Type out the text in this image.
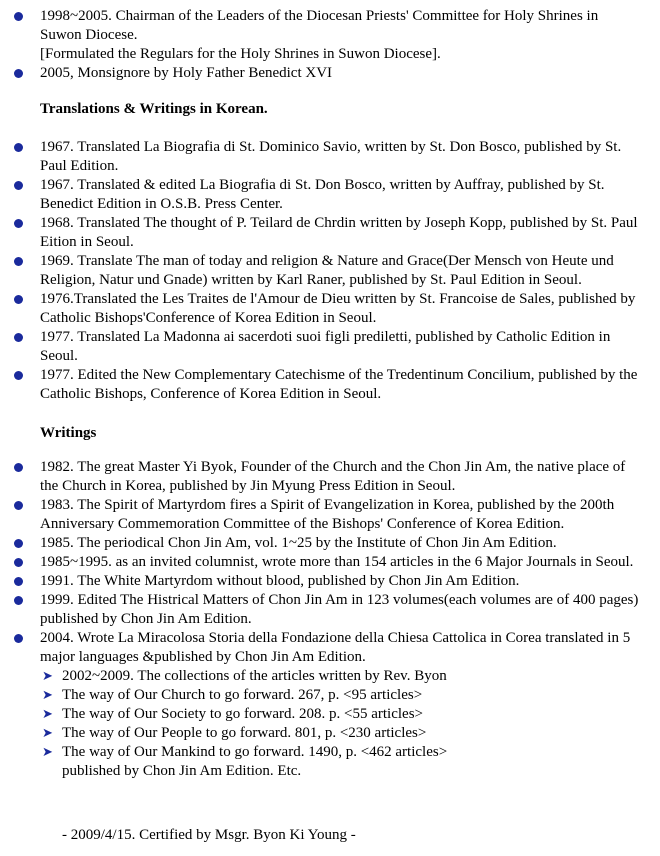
1998~2005. Chairman of the Leaders of the Diocesan Priests' Committee for Holy Shrines in Suwon Diocese.
[Formulated the Regulars for the Holy Shrines in Suwon Diocese].
2005, Monsignore by Holy Father Benedict XVI
Translations & Writings in Korean.
1967. Translated La Biografia di St. Dominico Savio, written by St. Don Bosco, published by St. Paul Edition.
1967. Translated & edited La Biografia di St. Don Bosco, written by Auffray, published by St. Benedict Edition in O.S.B. Press Center.
1968. Translated The thought of P. Teilard de Chrdin written by Joseph Kopp, published by St. Paul Eition in Seoul.
1969. Translate The man of today and religion & Nature and Grace(Der Mensch von Heute und Religion, Natur und Gnade) written by Karl Raner, published by St. Paul Edition in Seoul.
1976.Translated the Les Traites de l'Amour de Dieu written by St. Francoise de Sales, published by Catholic Bishops'Conference of Korea Edition in Seoul.
1977. Translated La Madonna ai sacerdoti suoi figli prediletti, published by Catholic Edition in Seoul.
1977. Edited the New Complementary Catechisme of the Tredentinum Concilium, published by the Catholic Bishops, Conference of Korea Edition in Seoul.
Writings
1982. The great Master Yi Byok, Founder of the Church and the Chon Jin Am, the native place of the Church in Korea, published by Jin Myung Press Edition in Seoul.
1983. The Spirit of Martyrdom fires a Spirit of Evangelization in Korea, published by the 200th Anniversary Commemoration Committee of the Bishops' Conference of Korea Edition.
1985. The periodical Chon Jin Am, vol. 1~25 by the Institute of Chon Jin Am Edition.
1985~1995. as an invited columnist, wrote more than 154 articles in the 6 Major Journals in Seoul.
1991. The White Martyrdom without blood, published by Chon Jin Am Edition.
1999. Edited The Histrical Matters of Chon Jin Am in 123 volumes(each volumes are of 400 pages) published by Chon Jin Am Edition.
2004. Wrote La Miracolosa Storia della Fondazione della Chiesa Cattolica in Corea translated in 5 major languages &published by Chon Jin Am Edition.
➤ 2002~2009. The collections of the articles written by Rev. Byon
➤ The way of Our Church to go forward. 267, p. <95 articles>
➤ The way of Our Society to go forward. 208. p. <55 articles>
➤ The way of Our People to go forward. 801, p. <230 articles>
➤ The way of Our Mankind to go forward. 1490, p. <462 articles>
published by Chon Jin Am Edition. Etc.
- 2009/4/15. Certified by Msgr. Byon Ki Young -
